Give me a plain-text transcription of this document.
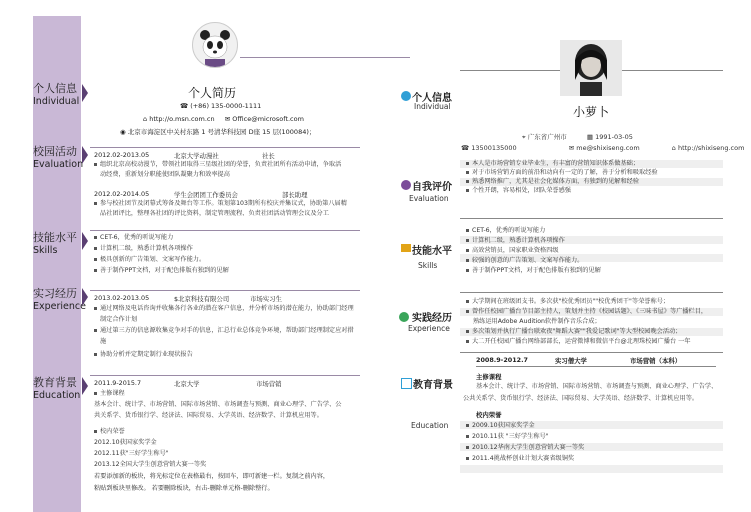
个人简历
☎ (+86) 135-0000-1111
⌂ http://o.msn.com.cn ✉ Office@microsoft.com
◉ 北京市海淀区中关村东路 1 号清华科技园 D座 15 层(100084)；
个人信息
Individual
校园活动
Evaluation
2012.02-2013.05	北京大学动漫社	社长
组织北京高校动漫节，带领社团取得三星级社团的荣誉，负责社团所有活动申请，争取活
动经费，重新划分职能使团队凝聚力和效率提高
2012.02-2014.05	学生会团团工作委员会	部长助理
参与校社团节及闭幕式筹备及舞台等工作。策划第103期所有校庆并集议式，协助第八届精
品社团评比，整理各社团的评比资料，制定管理流程、负责社团活动管理会议及分工
技能水平
Skills
CET-6，优秀的听说写能力
计算机二级，熟悉计算机各项操作
极具创新的广告策划、文案写作能力。
善于制作PPT文档，对于配色排版有独到的见解
实习经历
Experience
2013.02-2013.05	$北京科技有限公司	市场实习生
通过网络及电话咨询并收集各行各业的潜在客户信息，并分析市场的潜在能力，协助部门经理
制定合作计划
通过第三方的信息源收集竞争对手的信息，汇总行业总体竞争环境，帮助部门经理制定应对措
施
协助分析并定期定制行业现状报告
教育背景
Education
2011.9-2015.7	北京大学	市场营销
主修课程
基本会计、统计学、市场营销、国际市场营销、市场调查与预测、商业心理学、广告学、公
共关系学、货币银行学、经济法、国际贸易、大学英语、经济数学、计算机应用等。
校内荣誉
2012.10获国家奖学金
2012.11获"三好学生称号"
2013.12全国大学生创意营销大赛一等奖
若要添加新的板块，将光标定位在表格最右，按回车，即可新建一栏。复制之前内容，
粘贴到板块里修改。 若要删除板块，右击-删除单元格-删除整行。
小萝卜
个人信息
Individual
⌖ 广东省广州市	▦ 1991-03-05
☎ 13500135000	✉ me@shixiseng.com	⌂ http://shixiseng.com
自我评价
Evaluation
本人是市场营销专业毕业生，有丰富的营销知识体系做基础；
对于市场营销方面的前沿和动向有一定的了解，善于分析和吸取经验
熟悉网络推广，尤其是社会化媒体方面，有独到的见解和经验
个性开朗，容易相处，团队荣誉感强
技能水平
Skills
CET-6，优秀的听说写能力
计算机二级，熟悉计算机各项操作
高效营销员，国家职业资格四级
较强的创意的广告策划、文案写作能力。
善于制作PPT文档，对于配色排版有独到的见解
实践经历
Experience
大学期间在班级团支书。多次获"校优秀团员""校优秀团干"等荣誉称号；
曾作任校园广播台节目部主持人，策划并主持《校园话题》、《三味书屋》等广播栏目，
熟练运用Adobe Audition软件制作音乐合成；
多次策划并执行广播台联欢夜"舞蹈大赛""我爱记歌词"等大型校园晚会活动；
大二开任校园广播台网络部部长，运营微博和微信平台@北理珠校园广播台 一年
教育背景
Education
2008.9-2012.7	实习僧大学	市场营销（本科）
主修课程
基本会计、统计学、市场营销、国际市场营销、市场调查与预测、商业心理学、广告学、
公共关系学、货币银行学、经济法、国际贸易、大学英语、经济数学、计算机应用等。
校内荣誉
2009.10获国家奖学金
2010.11获 "三好学生称号"
2010.12华南大学生创意营销大赛一等奖
2011.4挑战杯创业计划大赛省级铜奖
